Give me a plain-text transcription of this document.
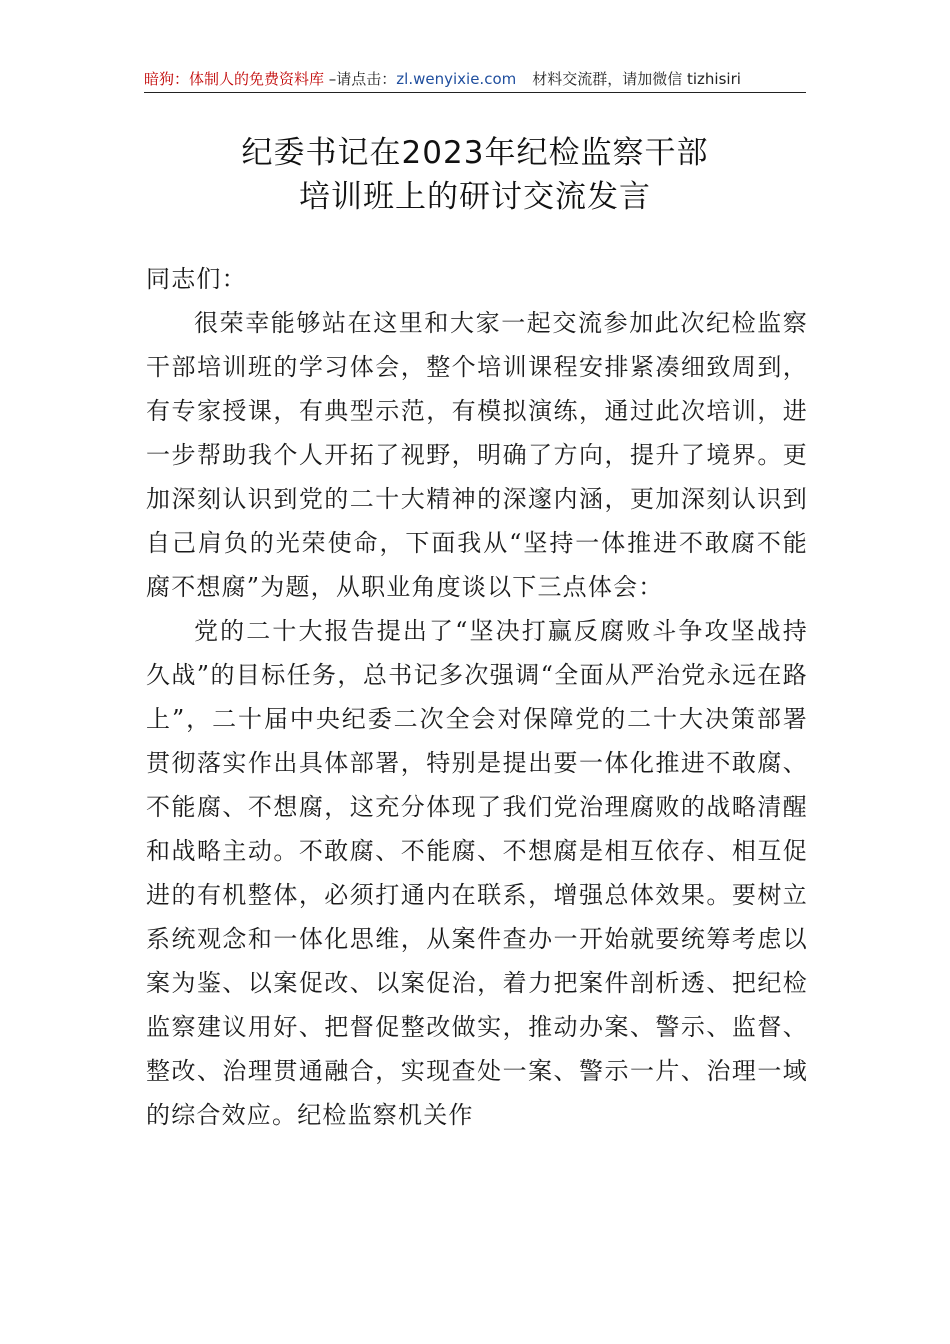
暗狗：体制人的免费资料库 –请点击：zl.wenyixie.com 材料交流群，请加微信 tizhisiri
纪委书记在2023年纪检监察干部
培训班上的研讨交流发言

同志们：

很荣幸能够站在这里和大家一起交流参加此次纪检监察干部培训班的学习体会，整个培训课程安排紧凑细致周到，有专家授课，有典型示范，有模拟演练，通过此次培训，进一步帮助我个人开拓了视野，明确了方向，提升了境界。更加深刻认识到党的二十大精神的深邃内涵，更加深刻认识到自己肩负的光荣使命，下面我从“坚持一体推进不敢腐不能腐不想腐”为题，从职业角度谈以下三点体会：

党的二十大报告提出了“坚决打赢反腐败斗争攻坚战持久战”的目标任务，总书记多次强调“全面从严治党永远在路上”，二十届中央纪委二次全会对保障党的二十大决策部署贯彻落实作出具体部署，特别是提出要一体化推进不敢腐、不能腐、不想腐，这充分体现了我们党治理腐败的战略清醒和战略主动。不敢腐、不能腐、不想腐是相互依存、相互促进的有机整体，必须打通内在联系，增强总体效果。要树立系统观念和一体化思维，从案件查办一开始就要统筹考虑以案为鉴、以案促改、以案促治，着力把案件剖析透、把纪检监察建议用好、把督促整改做实，推动办案、警示、监督、整改、治理贯通融合，实现查处一案、警示一片、治理一域的综合效应。纪检监察机关作
